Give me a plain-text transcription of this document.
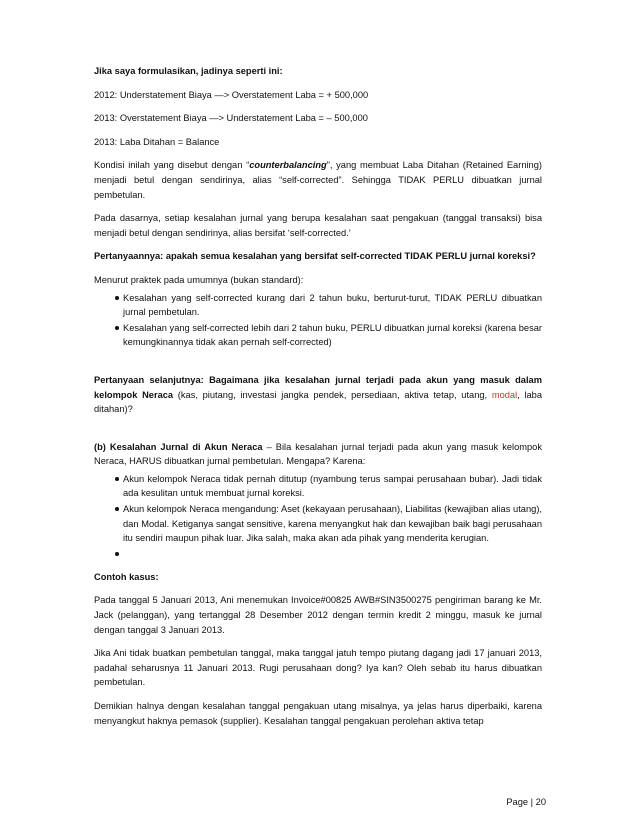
Jika saya formulasikan, jadinya seperti ini:

2012: Understatement Biaya —> Overstatement Laba = + 500,000

2013: Overstatement Biaya —> Understatement Laba = – 500,000

2013: Laba Ditahan = Balance

Kondisi inilah yang disebut dengan “counterbalancing”, yang membuat Laba Ditahan (Retained Earning) menjadi betul dengan sendirinya, alias “self-corrected”. Sehingga TIDAK PERLU dibuatkan jurnal pembetulan.

Pada dasarnya, setiap kesalahan jurnal yang berupa kesalahan saat pengakuan (tanggal transaksi) bisa menjadi betul dengan sendirinya, alias bersifat ‘self-corrected.’

Pertanyaannya: apakah semua kesalahan yang bersifat self-corrected TIDAK PERLU jurnal koreksi?

Menurut praktek pada umumnya (bukan standard):

Kesalahan yang self-corrected kurang dari 2 tahun buku, berturut-turut, TIDAK PERLU dibuatkan jurnal pembetulan.
Kesalahan yang self-corrected lebih dari 2 tahun buku, PERLU dibuatkan jurnal koreksi (karena besar kemungkinannya tidak akan pernah self-corrected)

Pertanyaan selanjutnya: Bagaimana jika kesalahan jurnal terjadi pada akun yang masuk dalam kelompok Neraca (kas, piutang, investasi jangka pendek, persediaan, aktiva tetap, utang, modal, laba ditahan)?

(b) Kesalahan Jurnal di Akun Neraca – Bila kesalahan jurnal terjadi pada akun yang masuk kelompok Neraca, HARUS dibuatkan jurnal pembetulan. Mengapa? Karena:

Akun kelompok Neraca tidak pernah ditutup (nyambung terus sampai perusahaan bubar). Jadi tidak ada kesulitan untuk membuat jurnal koreksi.
Akun kelompok Neraca mengandung: Aset (kekayaan perusahaan), Liabilitas (kewajiban alias utang), dan Modal. Ketiganya sangat sensitive, karena menyangkut hak dan kewajiban baik bagi perusahaan itu sendiri maupun pihak luar. Jika salah, maka akan ada pihak yang menderita kerugian.

Contoh kasus:

Pada tanggal 5 Januari 2013, Ani menemukan Invoice#00825 AWB#SIN3500275 pengiriman barang ke Mr. Jack (pelanggan), yang tertanggal 28 Desember 2012 dengan termin kredit 2 minggu, masuk ke jurnal dengan tanggal 3 Januari 2013.

Jika Ani tidak buatkan pembetulan tanggal, maka tanggal jatuh tempo piutang dagang jadi 17 januari 2013, padahal seharusnya 11 Januari 2013. Rugi perusahaan dong? Iya kan? Oleh sebab itu harus dibuatkan pembetulan.

Demikian halnya dengan kesalahan tanggal pengakuan utang misalnya, ya jelas harus diperbaiki, karena menyangkut haknya pemasok (supplier). Kesalahan tanggal pengakuan perolehan aktiva tetap

Page | 20
